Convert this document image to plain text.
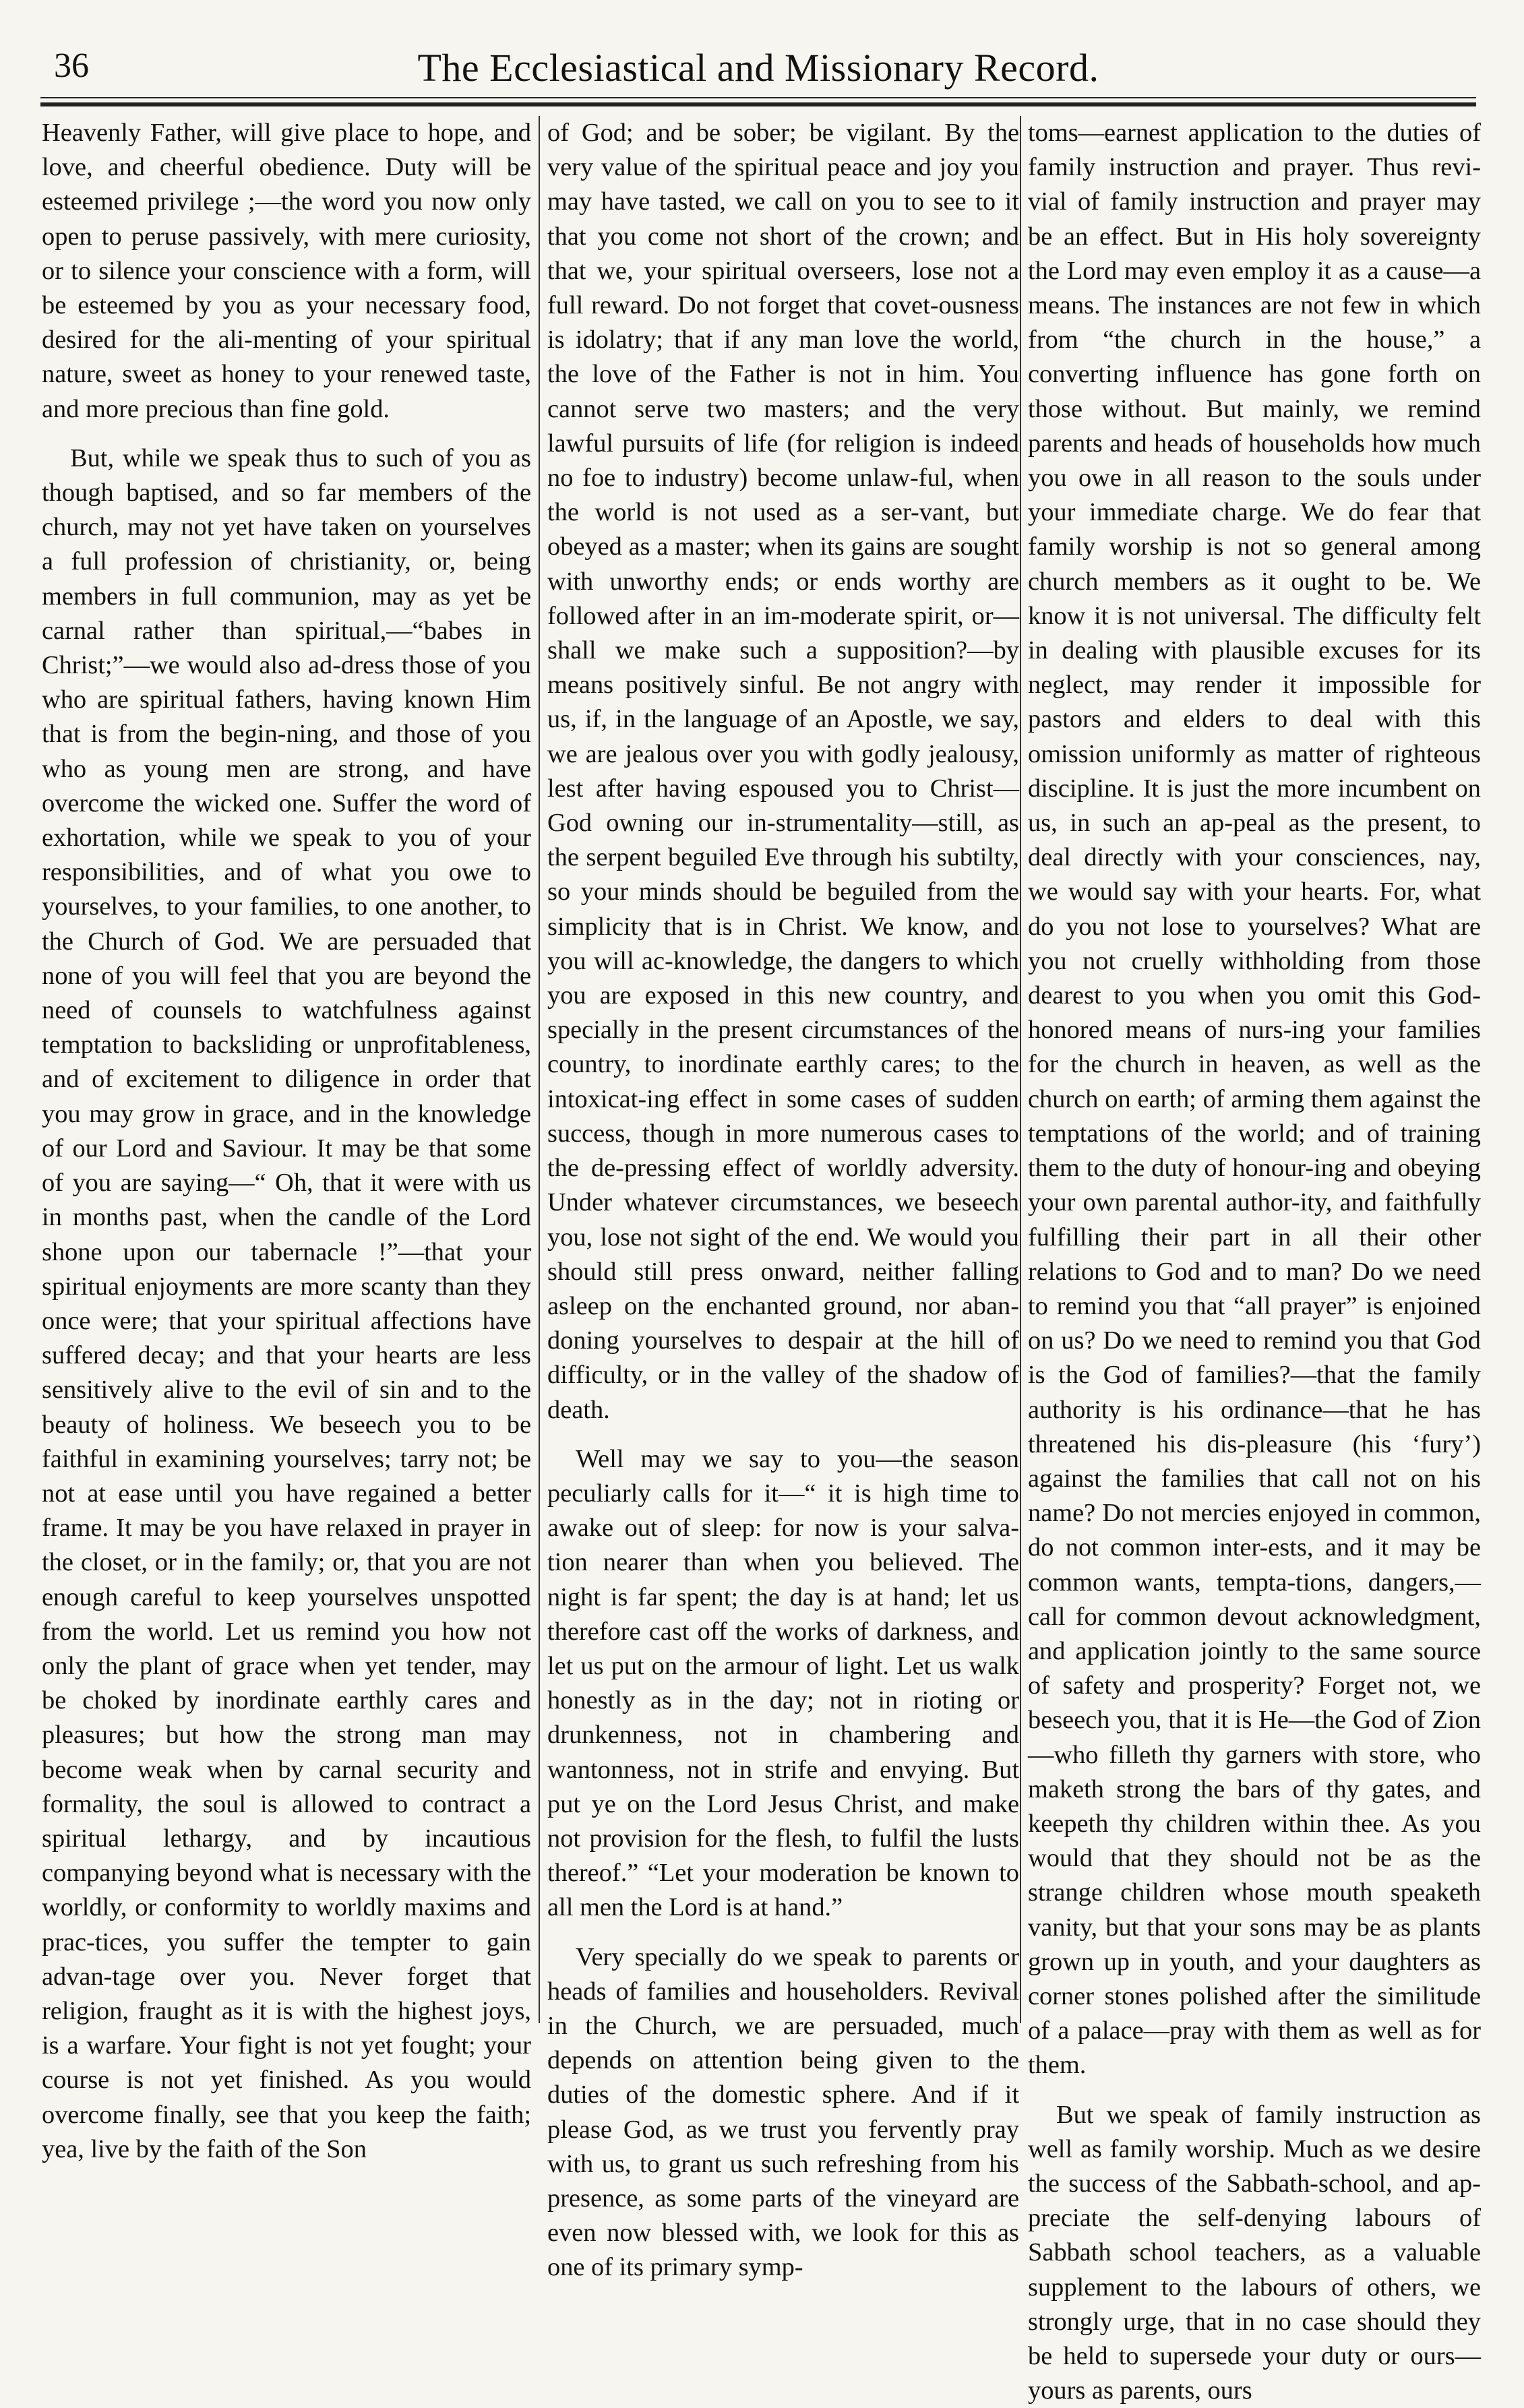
36	The Ecclesiastical and Missionary Record.

Heavenly Father, will give place to hope, and love, and cheerful obedience. Duty will be esteemed privilege ;—the word you now only open to peruse passively, with mere curiosity, or to silence your conscience with a form, will be esteemed by you as your necessary food, desired for the ali-menting of your spiritual nature, sweet as honey to your renewed taste, and more precious than fine gold.

But, while we speak thus to such of you as though baptised, and so far members of the church, may not yet have taken on yourselves a full profession of christianity, or, being members in full communion, may as yet be carnal rather than spiritual,—“babes in Christ;”—we would also ad-dress those of you who are spiritual fathers, having known Him that is from the begin-ning, and those of you who as young men are strong, and have overcome the wicked one. Suffer the word of exhortation, while we speak to you of your responsibilities, and of what you owe to yourselves, to your families, to one another, to the Church of God. We are persuaded that none of you will feel that you are beyond the need of counsels to watchfulness against temptation to backsliding or unprofitableness, and of excitement to diligence in order that you may grow in grace, and in the knowledge of our Lord and Saviour. It may be that some of you are saying—“ Oh, that it were with us in months past, when the candle of the Lord shone upon our tabernacle !”—that your spiritual enjoyments are more scanty than they once were; that your spiritual affections have suffered decay; and that your hearts are less sensitively alive to the evil of sin and to the beauty of holiness. We beseech you to be faithful in examining yourselves; tarry not; be not at ease until you have regained a better frame. It may be you have relaxed in prayer in the closet, or in the family; or, that you are not enough careful to keep yourselves unspotted from the world. Let us remind you how not only the plant of grace when yet tender, may be choked by inordinate earthly cares and pleasures; but how the strong man may become weak when by carnal security and formality, the soul is allowed to contract a spiritual lethargy, and by incautious companying beyond what is necessary with the worldly, or conformity to worldly maxims and prac-tices, you suffer the tempter to gain advan-tage over you. Never forget that religion, fraught as it is with the highest joys, is a warfare. Your fight is not yet fought; your course is not yet finished. As you would overcome finally, see that you keep the faith; yea, live by the faith of the Son

of God; and be sober; be vigilant. By the very value of the spiritual peace and joy you may have tasted, we call on you to see to it that you come not short of the crown; and that we, your spiritual overseers, lose not a full reward. Do not forget that covet-ousness is idolatry; that if any man love the world, the love of the Father is not in him. You cannot serve two masters; and the very lawful pursuits of life (for religion is indeed no foe to industry) become unlaw-ful, when the world is not used as a ser-vant, but obeyed as a master; when its gains are sought with unworthy ends; or ends worthy are followed after in an im-moderate spirit, or—shall we make such a supposition?—by means positively sinful. Be not angry with us, if, in the language of an Apostle, we say, we are jealous over you with godly jealousy, lest after having espoused you to Christ—God owning our in-strumentality—still, as the serpent beguiled Eve through his subtilty, so your minds should be beguiled from the simplicity that is in Christ. We know, and you will ac-knowledge, the dangers to which you are exposed in this new country, and specially in the present circumstances of the country, to inordinate earthly cares; to the intoxicat-ing effect in some cases of sudden success, though in more numerous cases to the de-pressing effect of worldly adversity. Under whatever circumstances, we beseech you, lose not sight of the end. We would you should still press onward, neither falling asleep on the enchanted ground, nor aban-doning yourselves to despair at the hill of difficulty, or in the valley of the shadow of death.

Well may we say to you—the season peculiarly calls for it—“ it is high time to awake out of sleep: for now is your salva-tion nearer than when you believed. The night is far spent; the day is at hand; let us therefore cast off the works of darkness, and let us put on the armour of light. Let us walk honestly as in the day; not in rioting or drunkenness, not in chambering and wantonness, not in strife and envying. But put ye on the Lord Jesus Christ, and make not provision for the flesh, to fulfil the lusts thereof.” “Let your moderation be known to all men the Lord is at hand.”

Very specially do we speak to parents or heads of families and householders. Revival in the Church, we are persuaded, much depends on attention being given to the duties of the domestic sphere. And if it please God, as we trust you fervently pray with us, to grant us such refreshing from his presence, as some parts of the vineyard are even now blessed with, we look for this as one of its primary symp-

toms—earnest application to the duties of family instruction and prayer. Thus revi-vial of family instruction and prayer may be an effect. But in His holy sovereignty the Lord may even employ it as a cause—a means. The instances are not few in which from “the church in the house,” a converting influence has gone forth on those without. But mainly, we remind parents and heads of households how much you owe in all reason to the souls under your immediate charge. We do fear that family worship is not so general among church members as it ought to be. We know it is not universal. The difficulty felt in dealing with plausible excuses for its neglect, may render it impossible for pastors and elders to deal with this omission uniformly as matter of righteous discipline. It is just the more incumbent on us, in such an ap-peal as the present, to deal directly with your consciences, nay, we would say with your hearts. For, what do you not lose to yourselves? What are you not cruelly withholding from those dearest to you when you omit this God-honored means of nurs-ing your families for the church in heaven, as well as the church on earth; of arming them against the temptations of the world; and of training them to the duty of honour-ing and obeying your own parental author-ity, and faithfully fulfilling their part in all their other relations to God and to man? Do we need to remind you that “all prayer” is enjoined on us? Do we need to remind you that God is the God of families?—that the family authority is his ordinance—that he has threatened his dis-pleasure (his ‘fury’) against the families that call not on his name? Do not mercies enjoyed in common, do not common inter-ests, and it may be common wants, tempta-tions, dangers,—call for common devout acknowledgment, and application jointly to the same source of safety and prosperity? Forget not, we beseech you, that it is He—the God of Zion—who filleth thy garners with store, who maketh strong the bars of thy gates, and keepeth thy children within thee. As you would that they should not be as the strange children whose mouth speaketh vanity, but that your sons may be as plants grown up in youth, and your daughters as corner stones polished after the similitude of a palace—pray with them as well as for them.

But we speak of family instruction as well as family worship. Much as we desire the success of the Sabbath-school, and ap-preciate the self-denying labours of Sabbath school teachers, as a valuable supplement to the labours of others, we strongly urge, that in no case should they be held to supersede your duty or ours—yours as parents, ours
